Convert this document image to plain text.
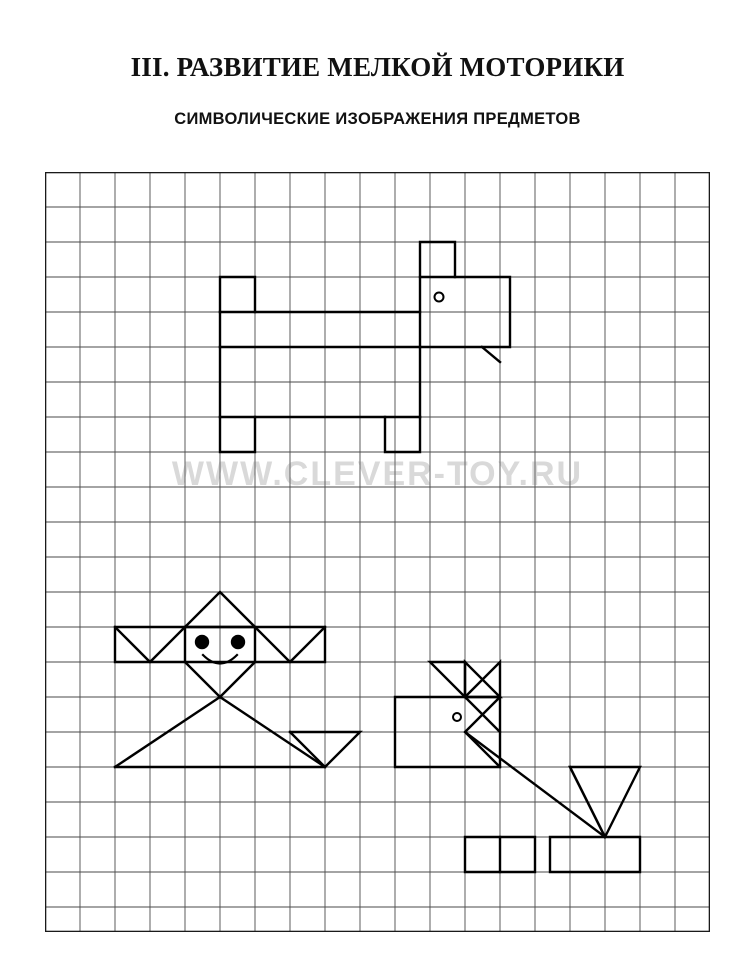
III. РАЗВИТИЕ МЕЛКОЙ МОТОРИКИ
СИМВОЛИЧЕСКИЕ ИЗОБРАЖЕНИЯ ПРЕДМЕТОВ
WWW.CLEVER-TOY.RU
